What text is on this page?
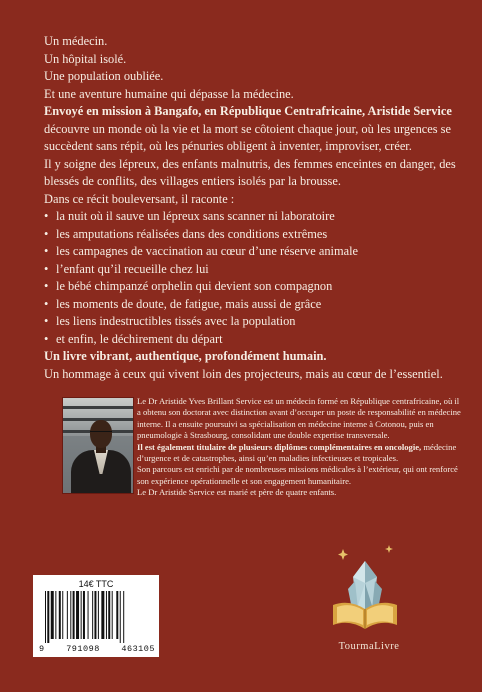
Un médecin.

Un hôpital isolé.

Une population oubliée.

Et une aventure humaine qui dépasse la médecine.

Envoyé en mission à Bangafo, en République Centrafricaine, Aristide Service découvre un monde où la vie et la mort se côtoient chaque jour, où les urgences se succèdent sans répit, où les pénuries obligent à inventer, improviser, créer.

Il y soigne des lépreux, des enfants malnutris, des femmes enceintes en danger, des blessés de conflits, des villages entiers isolés par la brousse.

Dans ce récit bouleversant, il raconte :

• la nuit où il sauve un lépreux sans scanner ni laboratoire
• les amputations réalisées dans des conditions extrêmes
• les campagnes de vaccination au cœur d’une réserve animale
• l’enfant qu’il recueille chez lui
• le bébé chimpanzé orphelin qui devient son compagnon
• les moments de doute, de fatigue, mais aussi de grâce
• les liens indestructibles tissés avec la population
• et enfin, le déchirement du départ

Un livre vibrant, authentique, profondément humain.

Un hommage à ceux qui vivent loin des projecteurs, mais au cœur de l’essentiel.

Le Dr Aristide Yves Brillant Service est un médecin formé en République centrafricaine, où il a obtenu son doctorat avec distinction avant d’occuper un poste de responsabilité en médecine interne. Il a ensuite poursuivi sa spécialisation en médecine interne à Cotonou, puis en pneumologie à Strasbourg, consolidant une double expertise transversale.

Il est également titulaire de plusieurs diplômes complémentaires en oncologie, médecine d’urgence et de catastrophes, ainsi qu’en maladies infectieuses et tropicales.

Son parcours est enrichi par de nombreuses missions médicales à l’extérieur, qui ont renforcé son expérience opérationnelle et son engagement humanitaire.

Le Dr Aristide Service est marié et père de quatre enfants.

14€ TTC
9	791098	463105	TourmaLivre
